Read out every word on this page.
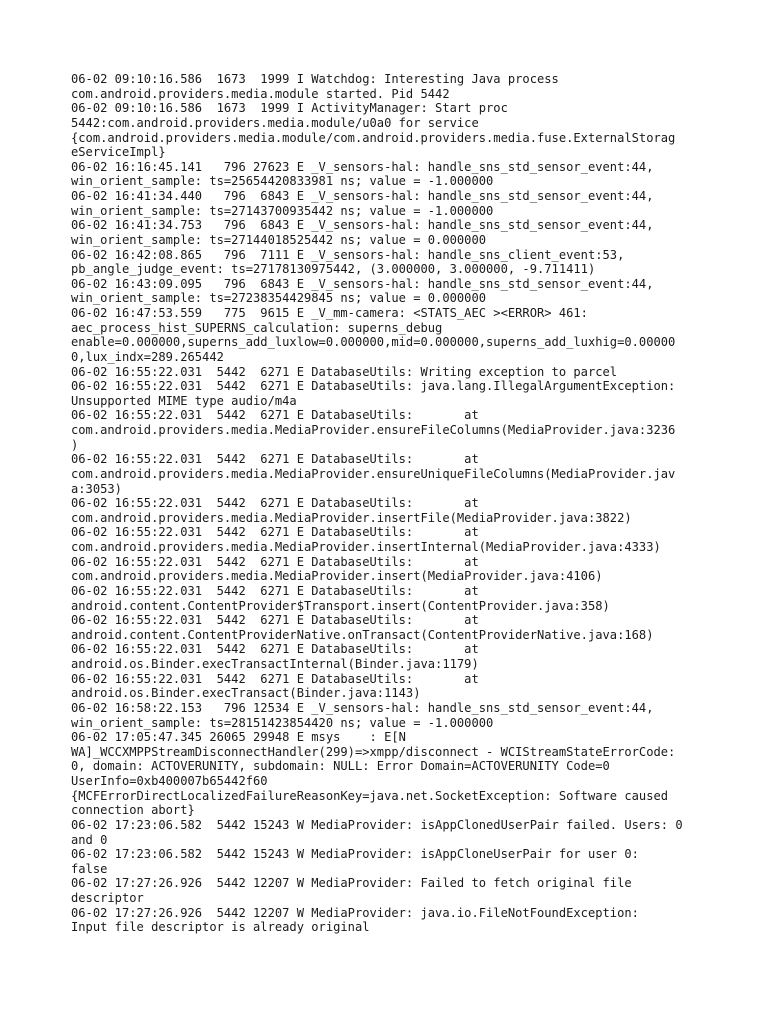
06-02 09:10:16.586  1673  1999 I Watchdog: Interesting Java process
com.android.providers.media.module started. Pid 5442
06-02 09:10:16.586  1673  1999 I ActivityManager: Start proc
5442:com.android.providers.media.module/u0a0 for service
{com.android.providers.media.module/com.android.providers.media.fuse.ExternalStorag
eServiceImpl}
06-02 16:16:45.141   796 27623 E _V_sensors-hal: handle_sns_std_sensor_event:44,
win_orient_sample: ts=25654420833981 ns; value = -1.000000
06-02 16:41:34.440   796  6843 E _V_sensors-hal: handle_sns_std_sensor_event:44,
win_orient_sample: ts=27143700935442 ns; value = -1.000000
06-02 16:41:34.753   796  6843 E _V_sensors-hal: handle_sns_std_sensor_event:44,
win_orient_sample: ts=27144018525442 ns; value = 0.000000
06-02 16:42:08.865   796  7111 E _V_sensors-hal: handle_sns_client_event:53,
pb_angle_judge_event: ts=27178130975442, (3.000000, 3.000000, -9.711411)
06-02 16:43:09.095   796  6843 E _V_sensors-hal: handle_sns_std_sensor_event:44,
win_orient_sample: ts=27238354429845 ns; value = 0.000000
06-02 16:47:53.559   775  9615 E _V_mm-camera: <STATS_AEC ><ERROR> 461:
aec_process_hist_SUPERNS_calculation: superns_debug
enable=0.000000,superns_add_luxlow=0.000000,mid=0.000000,superns_add_luxhig=0.00000
0,lux_indx=289.265442
06-02 16:55:22.031  5442  6271 E DatabaseUtils: Writing exception to parcel
06-02 16:55:22.031  5442  6271 E DatabaseUtils: java.lang.IllegalArgumentException:
Unsupported MIME type audio/m4a
06-02 16:55:22.031  5442  6271 E DatabaseUtils:       at
com.android.providers.media.MediaProvider.ensureFileColumns(MediaProvider.java:3236
)
06-02 16:55:22.031  5442  6271 E DatabaseUtils:       at
com.android.providers.media.MediaProvider.ensureUniqueFileColumns(MediaProvider.jav
a:3053)
06-02 16:55:22.031  5442  6271 E DatabaseUtils:       at
com.android.providers.media.MediaProvider.insertFile(MediaProvider.java:3822)
06-02 16:55:22.031  5442  6271 E DatabaseUtils:       at
com.android.providers.media.MediaProvider.insertInternal(MediaProvider.java:4333)
06-02 16:55:22.031  5442  6271 E DatabaseUtils:       at
com.android.providers.media.MediaProvider.insert(MediaProvider.java:4106)
06-02 16:55:22.031  5442  6271 E DatabaseUtils:       at
android.content.ContentProvider$Transport.insert(ContentProvider.java:358)
06-02 16:55:22.031  5442  6271 E DatabaseUtils:       at
android.content.ContentProviderNative.onTransact(ContentProviderNative.java:168)
06-02 16:55:22.031  5442  6271 E DatabaseUtils:       at
android.os.Binder.execTransactInternal(Binder.java:1179)
06-02 16:55:22.031  5442  6271 E DatabaseUtils:       at
android.os.Binder.execTransact(Binder.java:1143)
06-02 16:58:22.153   796 12534 E _V_sensors-hal: handle_sns_std_sensor_event:44,
win_orient_sample: ts=28151423854420 ns; value = -1.000000
06-02 17:05:47.345 26065 29948 E msys    : E[N
WA]_WCCXMPPStreamDisconnectHandler(299)=>xmpp/disconnect - WCIStreamStateErrorCode:
0, domain: ACTOVERUNITY, subdomain: NULL: Error Domain=ACTOVERUNITY Code=0
UserInfo=0xb400007b65442f60
{MCFErrorDirectLocalizedFailureReasonKey=java.net.SocketException: Software caused
connection abort}
06-02 17:23:06.582  5442 15243 W MediaProvider: isAppClonedUserPair failed. Users: 0
and 0
06-02 17:23:06.582  5442 15243 W MediaProvider: isAppCloneUserPair for user 0:
false
06-02 17:27:26.926  5442 12207 W MediaProvider: Failed to fetch original file
descriptor
06-02 17:27:26.926  5442 12207 W MediaProvider: java.io.FileNotFoundException:
Input file descriptor is already original
